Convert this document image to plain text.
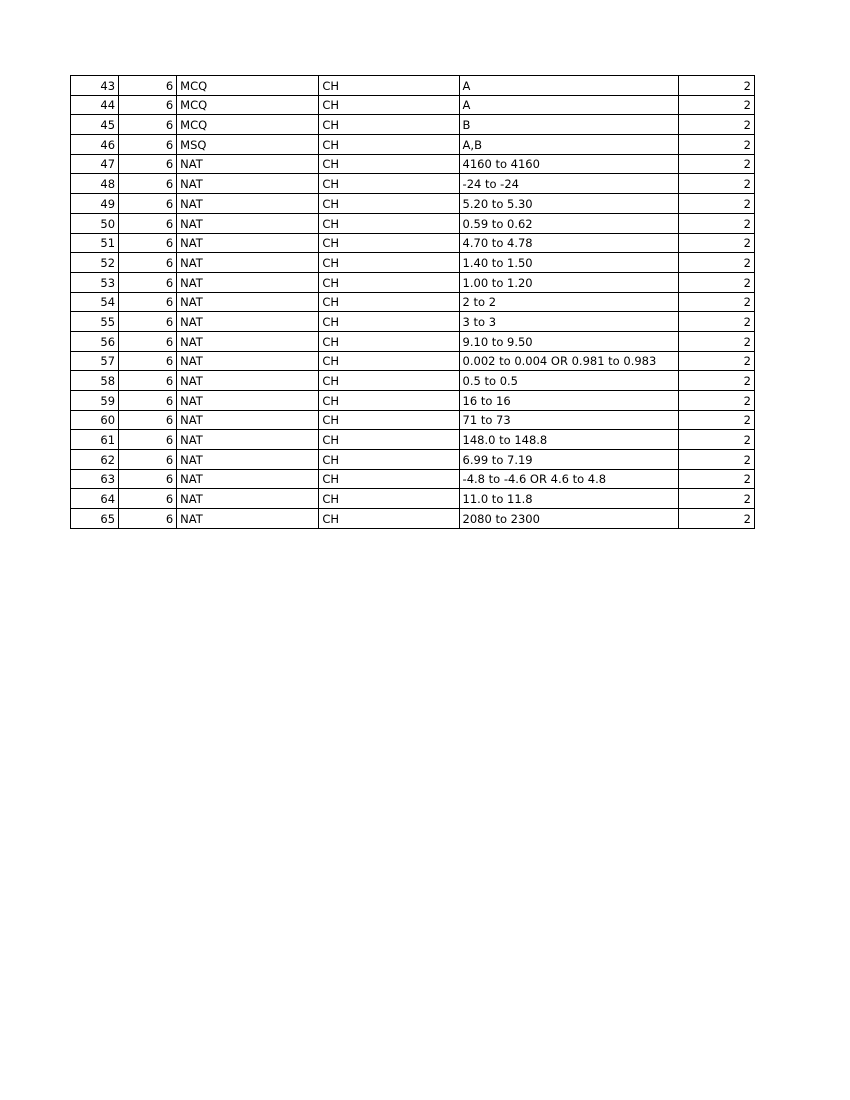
43	6	MCQ	CH	A	2
44	6	MCQ	CH	A	2
45	6	MCQ	CH	B	2
46	6	MSQ	CH	A,B	2
47	6	NAT	CH	4160 to 4160	2
48	6	NAT	CH	-24 to -24	2
49	6	NAT	CH	5.20 to 5.30	2
50	6	NAT	CH	0.59 to 0.62	2
51	6	NAT	CH	4.70 to 4.78	2
52	6	NAT	CH	1.40 to 1.50	2
53	6	NAT	CH	1.00 to 1.20	2
54	6	NAT	CH	2 to 2	2
55	6	NAT	CH	3 to 3	2
56	6	NAT	CH	9.10 to 9.50	2
57	6	NAT	CH	0.002 to 0.004 OR 0.981 to 0.983	2
58	6	NAT	CH	0.5 to 0.5	2
59	6	NAT	CH	16 to 16	2
60	6	NAT	CH	71 to 73	2
61	6	NAT	CH	148.0 to 148.8	2
62	6	NAT	CH	6.99 to 7.19	2
63	6	NAT	CH	-4.8 to -4.6 OR 4.6 to 4.8	2
64	6	NAT	CH	11.0 to 11.8	2
65	6	NAT	CH	2080 to 2300	2
